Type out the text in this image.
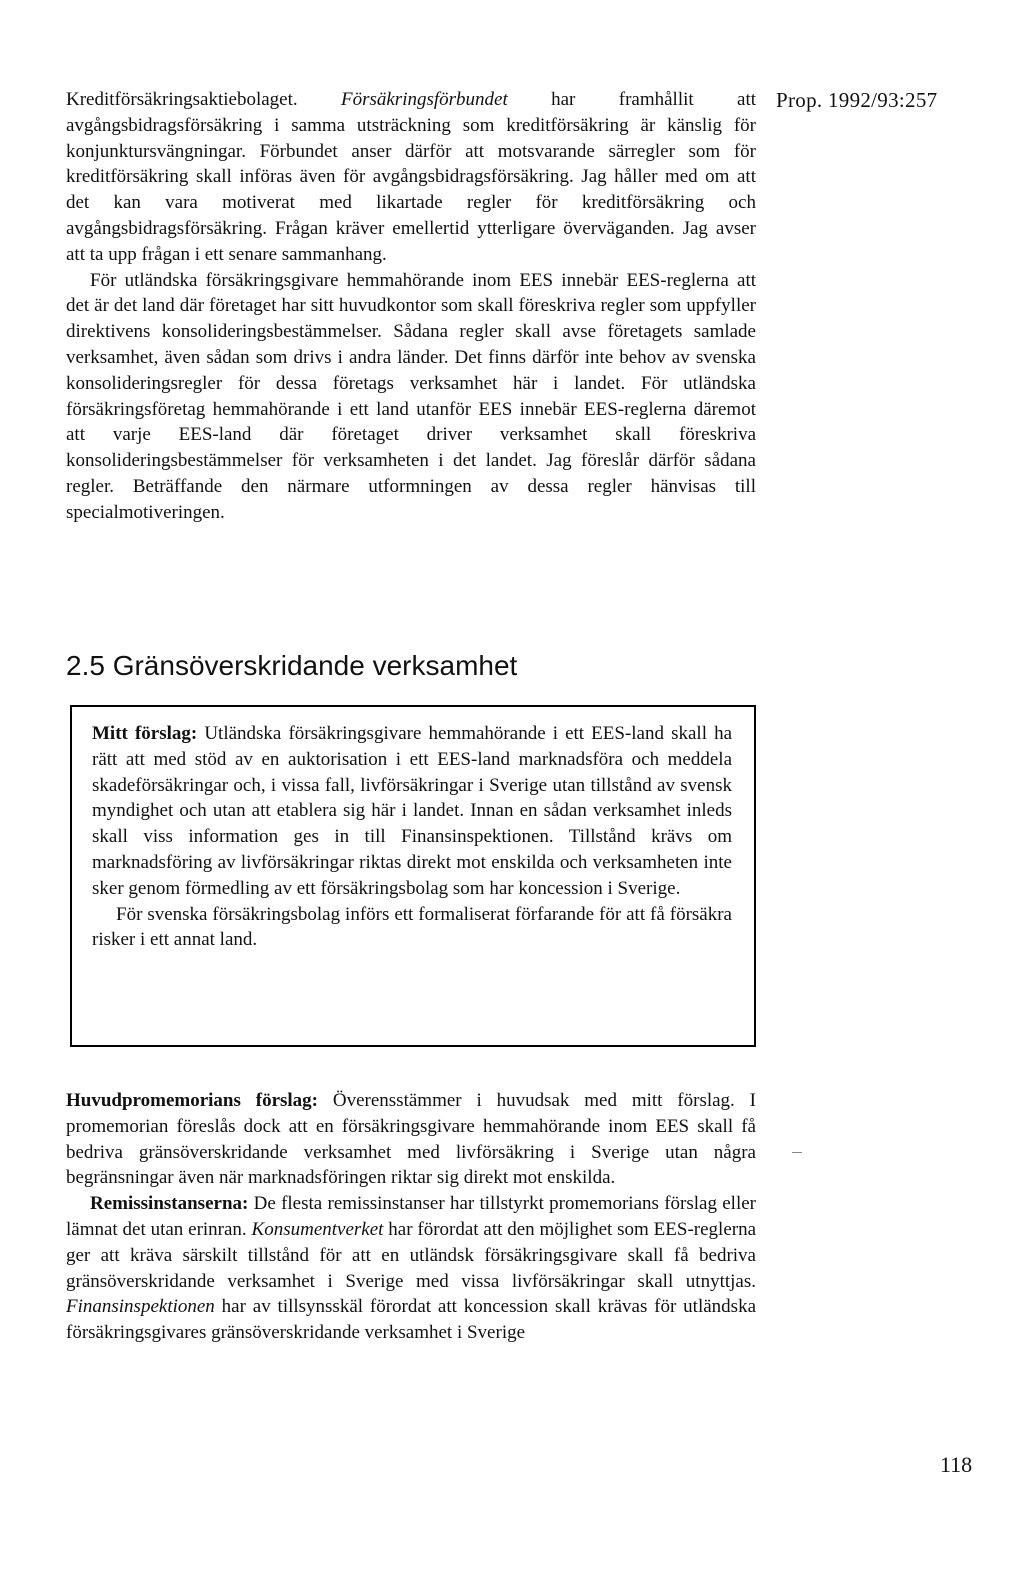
Prop. 1992/93:257

Kreditförsäkringsaktiebolaget. Försäkringsförbundet har framhållit att avgångsbidragsförsäkring i samma utsträckning som kreditförsäkring är känslig för konjunktursvängningar. Förbundet anser därför att motsvarande särregler som för kreditförsäkring skall införas även för avgångsbidragsförsäkring. Jag håller med om att det kan vara motiverat med likartade regler för kreditförsäkring och avgångsbidragsförsäkring. Frågan kräver emellertid ytterligare överväganden. Jag avser att ta upp frågan i ett senare sammanhang.

För utländska försäkringsgivare hemmahörande inom EES innebär EES-reglerna att det är det land där företaget har sitt huvudkontor som skall föreskriva regler som uppfyller direktivens konsolideringsbestämmelser. Sådana regler skall avse företagets samlade verksamhet, även sådan som drivs i andra länder. Det finns därför inte behov av svenska konsolideringsregler för dessa företags verksamhet här i landet. För utländska försäkringsföretag hemmahörande i ett land utanför EES innebär EES-reglerna däremot att varje EES-land där företaget driver verksamhet skall föreskriva konsolideringsbestämmelser för verksamheten i det landet. Jag föreslår därför sådana regler. Beträffande den närmare utformningen av dessa regler hänvisas till specialmotiveringen.

2.5 Gränsöverskridande verksamhet

Mitt förslag: Utländska försäkringsgivare hemmahörande i ett EES-land skall ha rätt att med stöd av en auktorisation i ett EES-land marknadsföra och meddela skadeförsäkringar och, i vissa fall, livförsäkringar i Sverige utan tillstånd av svensk myndighet och utan att etablera sig här i landet. Innan en sådan verksamhet inleds skall viss information ges in till Finansinspektionen. Tillstånd krävs om marknadsföring av livförsäkringar riktas direkt mot enskilda och verksamheten inte sker genom förmedling av ett försäkringsbolag som har koncession i Sverige.

För svenska försäkringsbolag införs ett formaliserat förfarande för att få försäkra risker i ett annat land.

Huvudpromemorians förslag: Överensstämmer i huvudsak med mitt förslag. I promemorian föreslås dock att en försäkringsgivare hemmahörande inom EES skall få bedriva gränsöverskridande verksamhet med livförsäkring i Sverige utan några begränsningar även när marknadsföringen riktar sig direkt mot enskilda.

Remissinstanserna: De flesta remissinstanser har tillstyrkt promemorians förslag eller lämnat det utan erinran. Konsumentverket har förordat att den möjlighet som EES-reglerna ger att kräva särskilt tillstånd för att en utländsk försäkringsgivare skall få bedriva gränsöverskridande verksamhet i Sverige med vissa livförsäkringar skall utnyttjas. Finansinspektionen har av tillsynsskäl förordat att koncession skall krävas för utländska försäkringsgivares gränsöverskridande verksamhet i Sverige

118
